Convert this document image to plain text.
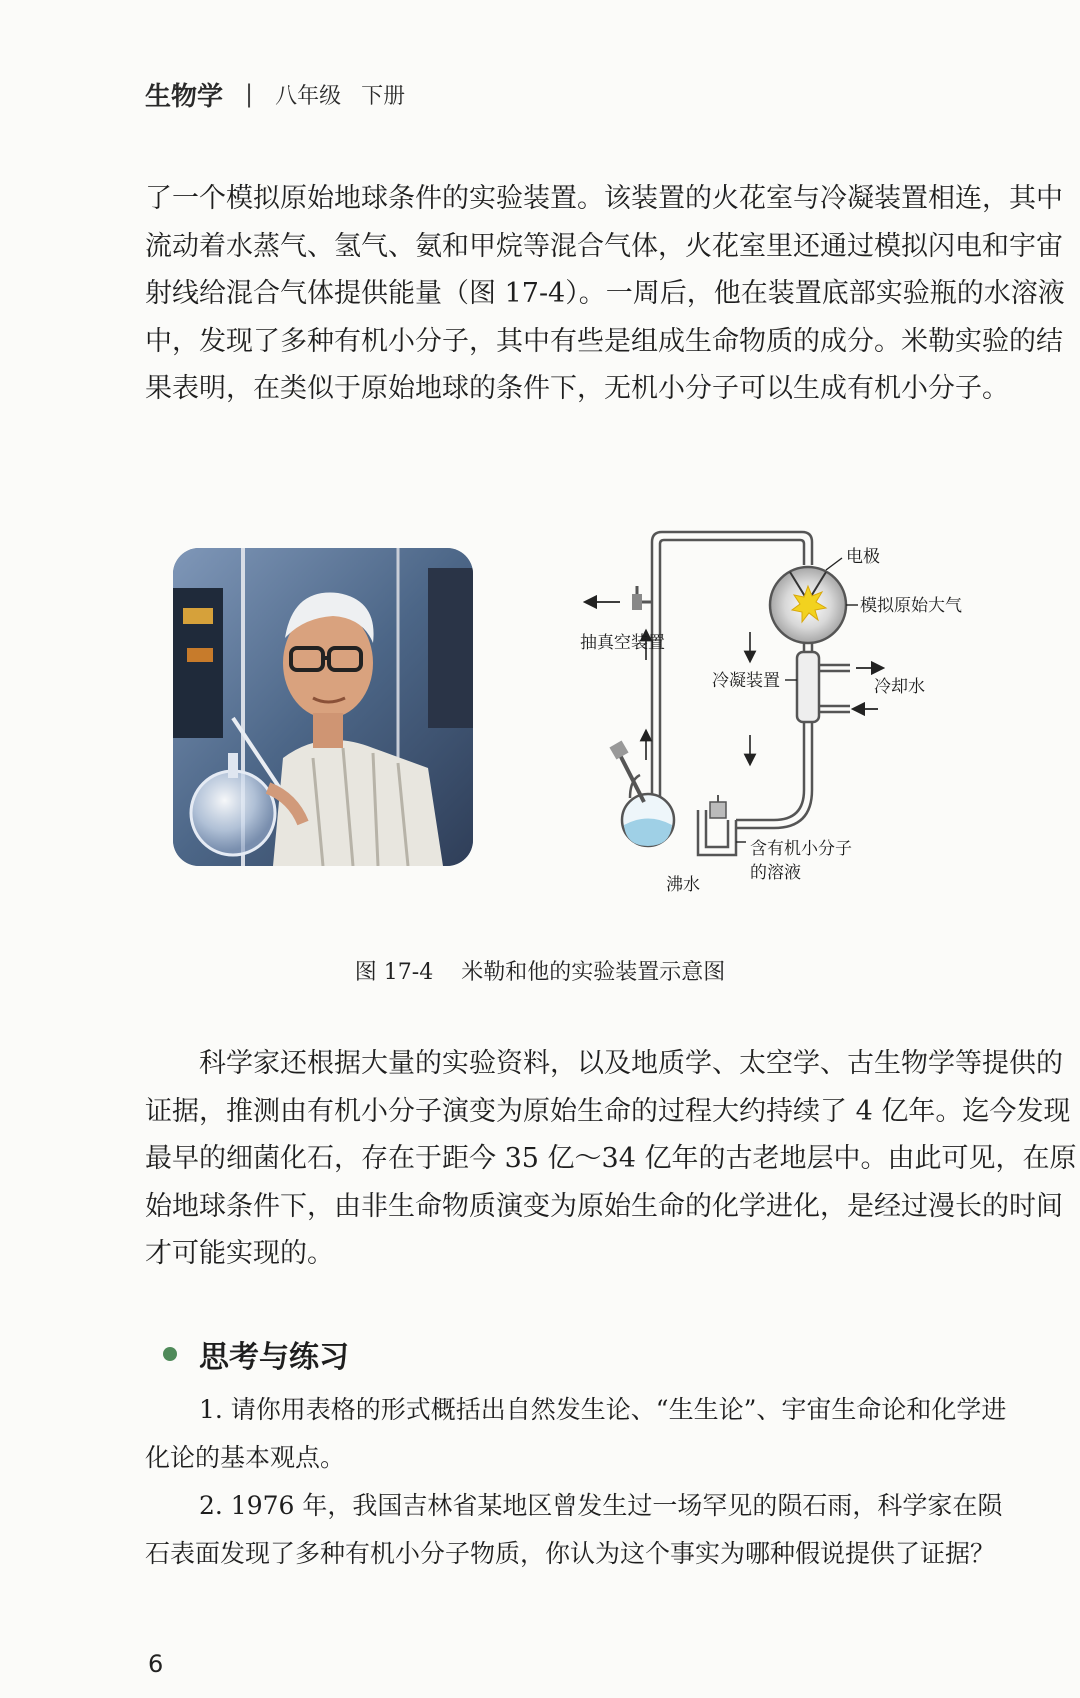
生物学 | 八年级 下册
了一个模拟原始地球条件的实验装置。该装置的火花室与冷凝装置相连，其中
流动着水蒸气、氢气、氨和甲烷等混合气体，火花室里还通过模拟闪电和宇宙
射线给混合气体提供能量（图 17-4）。一周后，他在装置底部实验瓶的水溶液
中，发现了多种有机小分子，其中有些是组成生命物质的成分。米勒实验的结
果表明，在类似于原始地球的条件下，无机小分子可以生成有机小分子。
电极
模拟原始大气
抽真空装置
冷凝装置	冷却水
沸水
含有机小分子
的溶液
图 17-4 米勒和他的实验装置示意图
科学家还根据大量的实验资料，以及地质学、太空学、古生物学等提供的
证据，推测由有机小分子演变为原始生命的过程大约持续了 4 亿年。迄今发现
最早的细菌化石，存在于距今 35 亿～34 亿年的古老地层中。由此可见，在原
始地球条件下，由非生命物质演变为原始生命的化学进化，是经过漫长的时间
才可能实现的。
思考与练习
1. 请你用表格的形式概括出自然发生论、“生生论”、宇宙生命论和化学进
化论的基本观点。
2. 1976 年，我国吉林省某地区曾发生过一场罕见的陨石雨，科学家在陨
石表面发现了多种有机小分子物质，你认为这个事实为哪种假说提供了证据？
6
